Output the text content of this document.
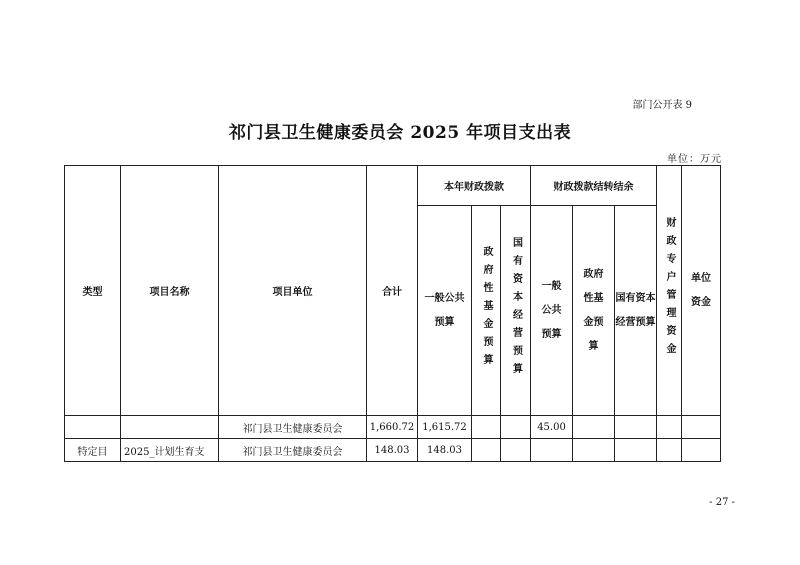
部门公开表 9
祁门县卫生健康委员会 2025 年项目支出表
单位：万元
类型	项目名称	项目单位	合计	本年财政拨款			财政拨款结转结余			财政专户管理资金	单位资金
				一般公共预算	政府性基金预算	国有资本经营预算	一般公共预算	政府性基金预算	国有资本经营预算		
		祁门县卫生健康委员会	1,660.72	1,615.72			45.00				
特定目	2025_计划生育支	祁门县卫生健康委员会	148.03	148.03							
- 27 -
